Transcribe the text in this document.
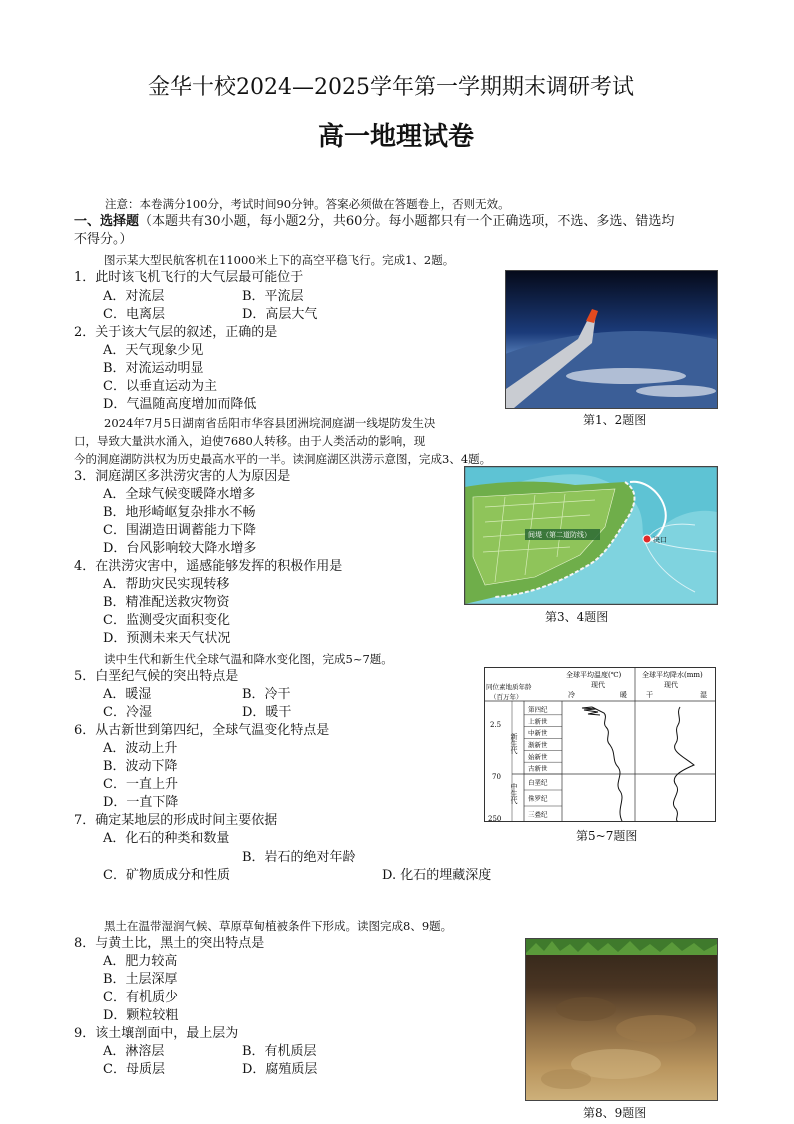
金华十校2024—2025学年第一学期期末调研考试
高一地理试卷
注意：本卷满分100分，考试时间90分钟。答案必须做在答题卷上，否则无效。
一、选择题（本题共有30小题，每小题2分，共60分。每小题都只有一个正确选项，不选、多选、错选均
不得分。）
图示某大型民航客机在11000米上下的高空平稳飞行。完成1、2题。
1．此时该飞机飞行的大气层最可能位于
A．对流层	B．平流层
C．电离层	D．高层大气
2．关于该大气层的叙述，正确的是
A．天气现象少见
B．对流运动明显
C．以垂直运动为主
D．气温随高度增加而降低
第1、2题图
2024年7月5日湖南省岳阳市华容县团洲垸洞庭湖一线堤防发生决
口，导致大量洪水涌入，迫使7680人转移。由于人类活动的影响，现
今的洞庭湖防洪权为历史最高水平的一半。读洞庭湖区洪涝示意图，完成3、4题。
3．洞庭湖区多洪涝灾害的人为原因是
A．全球气候变暖降水增多
B．地形崎岖复杂排水不畅
C．围湖造田调蓄能力下降
D．台风影响较大降水增多
4．在洪涝灾害中，遥感能够发挥的积极作用是
A．帮助灾民实现转移
B．精准配送救灾物资
C．监测受灾面积变化
D．预测未来天气状况
间堤（第二道防线）
决口
第3、4题图
读中生代和新生代全球气温和降水变化图，完成5~7题。
5．白垩纪气候的突出特点是
A．暖湿	B．冷干
C．冷湿	D．暖干
6．从古新世到第四纪，全球气温变化特点是
A．波动上升
B．波动下降
C．一直上升
D．一直下降
7．确定某地层的形成时间主要依据
A．化石的种类和数量
B．岩石的绝对年龄
C．矿物质成分和性质	D. 化石的埋藏深度
全球平均温度(℃)	全球平均降水(mm)
同位素地质年龄
（百万年）
现代	现代
冷	暖	干	湿
2.5
70
250
新生代
中生代
第四纪
上新世
中新世
渐新世
始新世
古新世
白垩纪
侏罗纪
三叠纪
第5~7题图
黑土在温带湿润气候、草原草甸植被条件下形成。读图完成8、9题。
8．与黄土比，黑土的突出特点是
A．肥力较高
B．土层深厚
C．有机质少
D．颗粒较粗
9．该土壤剖面中，最上层为
A．淋溶层	B．有机质层
C．母质层	D．腐殖质层
第8、9题图
